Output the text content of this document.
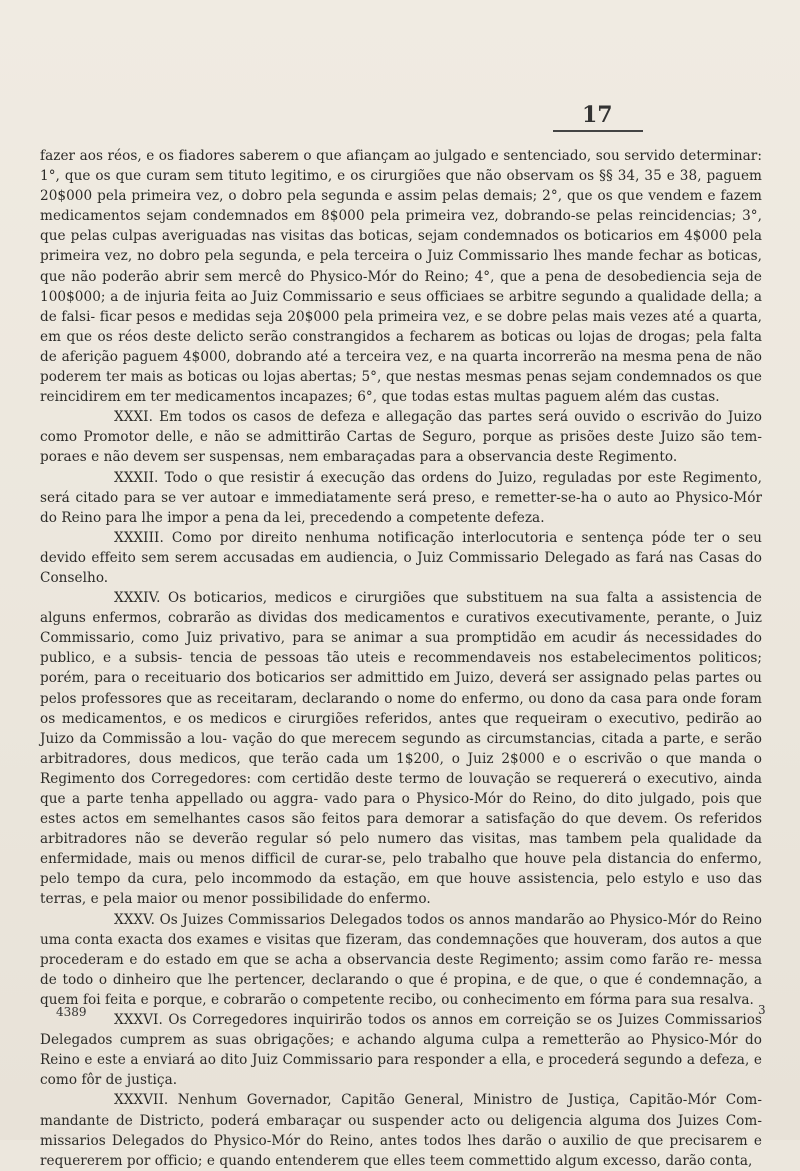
17

fazer aos réos, e os fiadores saberem o que afiançam ao julgado e sentenciado, sou servido determinar: 1°, que os que curam sem tituto legitimo, e os cirurgiões que não observam os §§ 34, 35 e 38, paguem 20$000 pela primeira vez, o dobro pela segunda e assim pelas demais; 2°, que os que vendem e fazem medicamentos sejam condemnados em 8$000 pela primeira vez, dobrando-se pelas reincidencias; 3°, que pelas culpas averiguadas nas visitas das boticas, sejam condemnados os boticarios em 4$000 pela primeira vez, no dobro pela segunda, e pela terceira o Juiz Commissario lhes mande fechar as boticas, que não poderão abrir sem mercê do Physico-Mór do Reino; 4°, que a pena de desobediencia seja de 100$000; a de injuria feita ao Juiz Commissario e seus officiaes se arbitre segundo a qualidade della; a de falsi- ficar pesos e medidas seja 20$000 pela primeira vez, e se dobre pelas mais vezes até a quarta, em que os réos deste delicto serão constrangidos a fecharem as boticas ou lojas de drogas; pela falta de aferição paguem 4$000, dobrando até a terceira vez, e na quarta incorrerão na mesma pena de não poderem ter mais as boticas ou lojas abertas; 5°, que nestas mesmas penas sejam condemnados os que reincidirem em ter medicamentos incapazes; 6°, que todas estas multas paguem além das custas.

XXXI. Em todos os casos de defeza e allegação das partes será ouvido o escrivão do Juizo como Promotor delle, e não se admittirão Cartas de Seguro, porque as prisões deste Juizo são tem- porаes e não devem ser suspensas, nem embaraçadas para a observancia deste Regimento.

XXXII. Todo o que resistir á execução das ordens do Juizo, reguladas por este Regimento, será citado para se ver autoar e immediatamente será preso, e remetter-se-ha o auto ao Physico-Mór do Reino para lhe impor a pena da lei, precedendo a competente defeza.

XXXIII. Como por direito nenhuma notificação interlocutoria e sentença póde ter o seu devido effeito sem serem accusadas em audiencia, o Juiz Commissario Delegado as fará nas Casas do Conselho.

XXXIV. Os boticarios, medicos e cirurgiões que substituem na sua falta a assistencia de alguns enfermos, cobrarão as dividas dos medicamentos e curativos executivamente, perante, o Juiz Commissario, como Juiz privativo, para se animar a sua promptidão em acudir ás necessidades do publico, e a subsis- tencia de pessoas tão uteis e recommendaveis nos estabelecimentos politicos; porém, para o receituario dos boticarios ser admittido em Juizo, deverá ser assignado pelas partes ou pelos professores que as receitaram, declarando o nome do enfermo, ou dono da casa para onde foram os medicamentos, e os medicos e cirurgiões referidos, antes que requeiram o executivo, pedirão ao Juizo da Commissão a lou- vação do que merecem segundo as circumstancias, citada a parte, e serão arbitradores, dous medicos, que terão cada um 1$200, o Juiz 2$000 e o escrivão o que manda o Regimento dos Corregedores: com certidão deste termo de louvação se requererá o executivo, ainda que a parte tenha appellado ou aggra- vado para o Physico-Mór do Reino, do dito julgado, pois que estes actos em semelhantes casos são feitos para demorar a satisfação do que devem. Os referidos arbitradores não se deverão regular só pelo numero das visitas, mas tambem pela qualidade da enfermidade, mais ou menos difficil de curar-se, pelo trabalho que houve pela distancia do enfermo, pelo tempo da cura, pelo incommodo da estação, em que houve assistencia, pelo estylo e uso das terras, e pela maior ou menor possibilidade do enfermo.

XXXV. Os Juizes Commissarios Delegados todos os annos mandarão ao Physico-Mór do Reino uma conta exacta dos exames e visitas que fizeram, das condemnações que houveram, dos autos a que procederam e do estado em que se acha a observancia deste Regimento; assim como farão re- messa de todo o dinheiro que lhe pertencer, declarando o que é propina, e de que, o que é condemnação, a quem foi feita e porque, e cobrarão o competente recibo, ou conhecimento em fórma para sua resalva.

XXXVI. Os Corregedores inquirirão todos os annos em correição se os Juizes Commissarios Delegados cumprem as suas obrigações; e achando alguma culpa a remetterão ao Physico-Mór do Reino e este a enviará ao dito Juiz Commissario para responder a ella, e procederá segundo a defeza, e como fôr de justiça.

XXXVII. Nenhum Governador, Capitão General, Ministro de Justiça, Capitão-Mór Com- mandante de Districto, poderá embaraçar ou suspender acto ou deligencia alguma dos Juizes Com- missarios Delegados do Physico-Mór do Reino, antes todos lhes darão o auxilio de que precisarem e requererem por officio; e quando entenderem que elles teem commettido algum excesso, darão conta,

4389	3
